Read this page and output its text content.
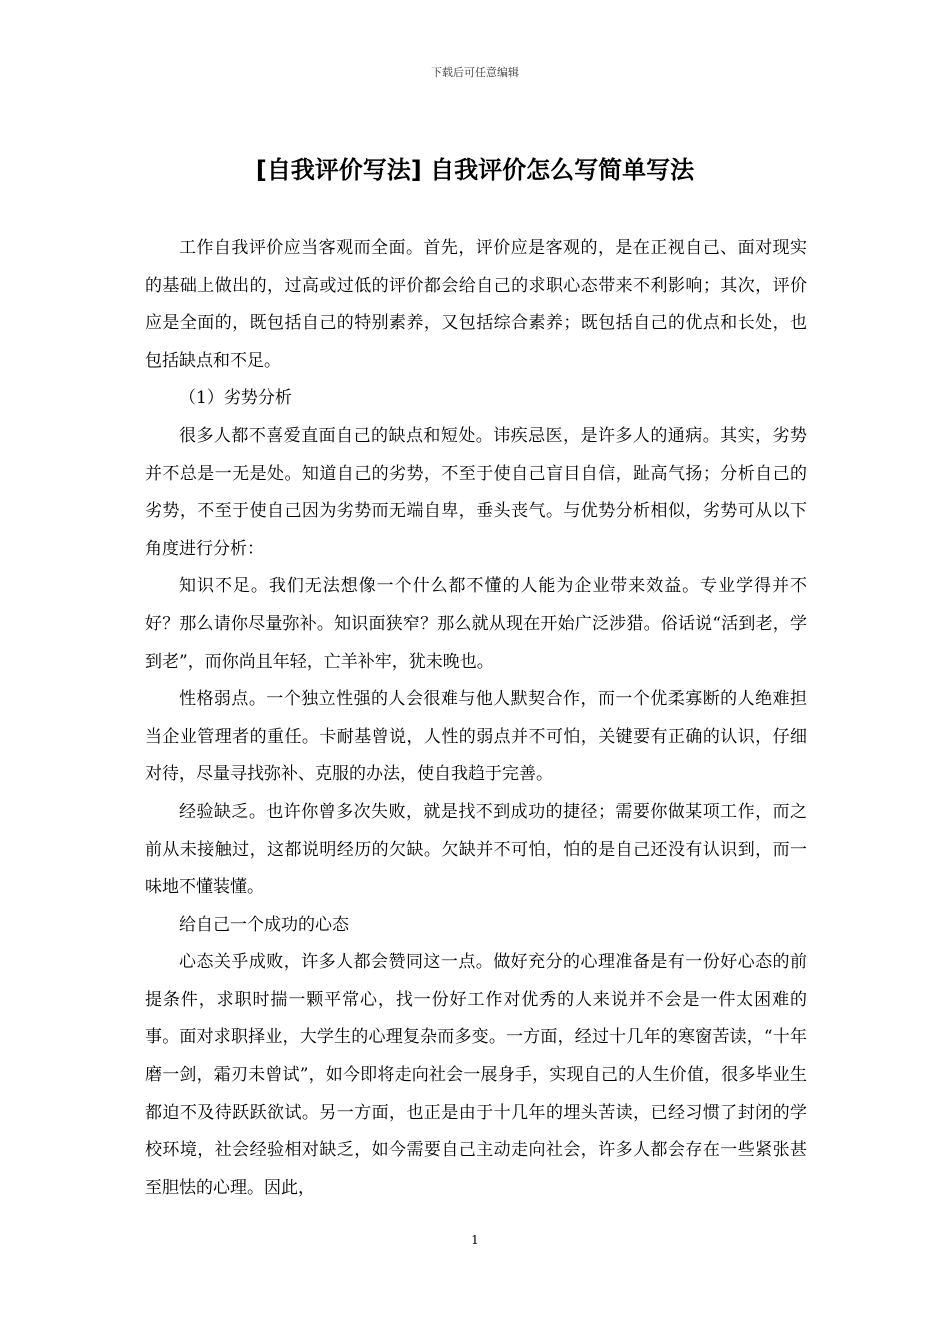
下载后可任意编辑
[自我评价写法] 自我评价怎么写简单写法

工作自我评价应当客观而全面。首先，评价应是客观的，是在正视自己、面对现实的基础上做出的，过高或过低的评价都会给自己的求职心态带来不利影响；其次，评价应是全面的，既包括自己的特别素养，又包括综合素养；既包括自己的优点和长处，也包括缺点和不足。

（1）劣势分析

很多人都不喜爱直面自己的缺点和短处。讳疾忌医，是许多人的通病。其实，劣势并不总是一无是处。知道自己的劣势，不至于使自己盲目自信，趾高气扬；分析自己的劣势，不至于使自己因为劣势而无端自卑，垂头丧气。与优势分析相似，劣势可从以下角度进行分析：

知识不足。我们无法想像一个什么都不懂的人能为企业带来效益。专业学得并不好？那么请你尽量弥补。知识面狭窄？那么就从现在开始广泛涉猎。俗话说“活到老，学到老”，而你尚且年轻，亡羊补牢，犹未晚也。

性格弱点。一个独立性强的人会很难与他人默契合作，而一个优柔寡断的人绝难担当企业管理者的重任。卡耐基曾说，人性的弱点并不可怕，关键要有正确的认识，仔细对待，尽量寻找弥补、克服的办法，使自我趋于完善。

经验缺乏。也许你曾多次失败，就是找不到成功的捷径；需要你做某项工作，而之前从未接触过，这都说明经历的欠缺。欠缺并不可怕，怕的是自己还没有认识到，而一味地不懂装懂。

给自己一个成功的心态

心态关乎成败，许多人都会赞同这一点。做好充分的心理准备是有一份好心态的前提条件，求职时揣一颗平常心，找一份好工作对优秀的人来说并不会是一件太困难的事。面对求职择业，大学生的心理复杂而多变。一方面，经过十几年的寒窗苦读，“十年磨一剑，霜刃未曾试”，如今即将走向社会一展身手，实现自己的人生价值，很多毕业生都迫不及待跃跃欲试。另一方面，也正是由于十几年的埋头苦读，已经习惯了封闭的学校环境，社会经验相对缺乏，如今需要自己主动走向社会，许多人都会存在一些紧张甚至胆怯的心理。因此，

1
